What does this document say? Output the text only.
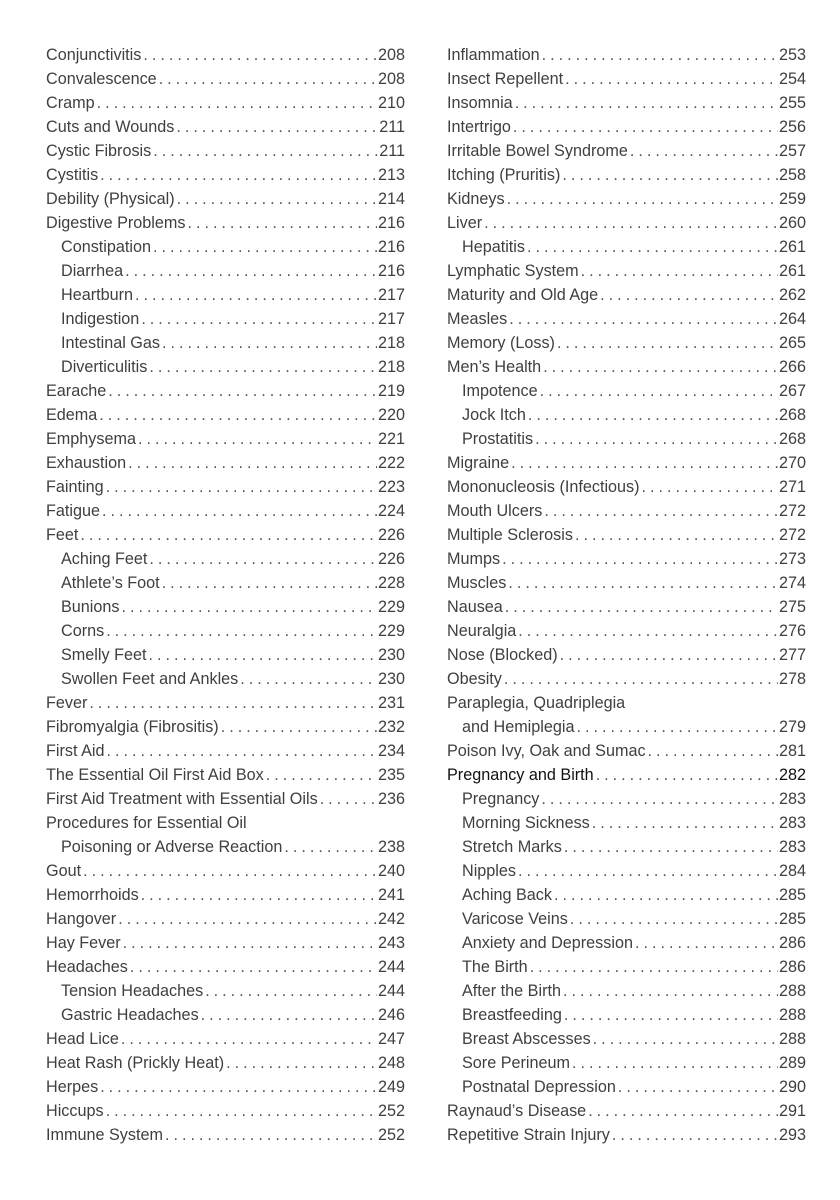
Conjunctivitis . . .	208
Convalescence . . .	208
Cramp . . .	210
Cuts and Wounds . . .	211
Cystic Fibrosis . . .	211
Cystitis . . .	213
Debility (Physical) . . .	214
Digestive Problems . . .	216
Constipation . . .	216
Diarrhea . . .	216
Heartburn . . .	217
Indigestion . . .	217
Intestinal Gas . . .	218
Diverticulitis . . .	218
Earache . . .	219
Edema . . .	220
Emphysema . . .	221
Exhaustion . . .	222
Fainting . . .	223
Fatigue . . .	224
Feet . . .	226
Aching Feet . . .	226
Athlete’s Foot . . .	228
Bunions . . .	229
Corns . . .	229
Smelly Feet . . .	230
Swollen Feet and Ankles . . .	230
Fever . . .	231
Fibromyalgia (Fibrositis) . . .	232
First Aid . . .	234
The Essential Oil First Aid Box . . .	235
First Aid Treatment with Essential Oils . . .	236
Procedures for Essential Oil
Poisoning or Adverse Reaction . . .	238
Gout . . .	240
Hemorrhoids . . .	241
Hangover . . .	242
Hay Fever . . .	243
Headaches . . .	244
Tension Headaches . . .	244
Gastric Headaches . . .	246
Head Lice . . .	247
Heat Rash (Prickly Heat) . . .	248
Herpes . . .	249
Hiccups . . .	252
Immune System . . .	252
Inflammation . . .	253
Insect Repellent . . .	254
Insomnia . . .	255
Intertrigo . . .	256
Irritable Bowel Syndrome . . .	257
Itching (Pruritis) . . .	258
Kidneys . . .	259
Liver . . .	260
Hepatitis . . .	261
Lymphatic System . . .	261
Maturity and Old Age . . .	262
Measles . . .	264
Memory (Loss) . . .	265
Men’s Health . . .	266
Impotence . . .	267
Jock Itch . . .	268
Prostatitis . . .	268
Migraine . . .	270
Mononucleosis (Infectious) . . .	271
Mouth Ulcers . . .	272
Multiple Sclerosis . . .	272
Mumps . . .	273
Muscles . . .	274
Nausea . . .	275
Neuralgia . . .	276
Nose (Blocked) . . .	277
Obesity . . .	278
Paraplegia, Quadriplegia
and Hemiplegia . . .	279
Poison Ivy, Oak and Sumac . . .	281
Pregnancy and Birth . . .	282
Pregnancy . . .	283
Morning Sickness . . .	283
Stretch Marks . . .	283
Nipples . . .	284
Aching Back . . .	285
Varicose Veins . . .	285
Anxiety and Depression . . .	286
The Birth . . .	286
After the Birth . . .	288
Breastfeeding . . .	288
Breast Abscesses . . .	288
Sore Perineum . . .	289
Postnatal Depression . . .	290
Raynaud’s Disease . . .	291
Repetitive Strain Injury . . .	293
